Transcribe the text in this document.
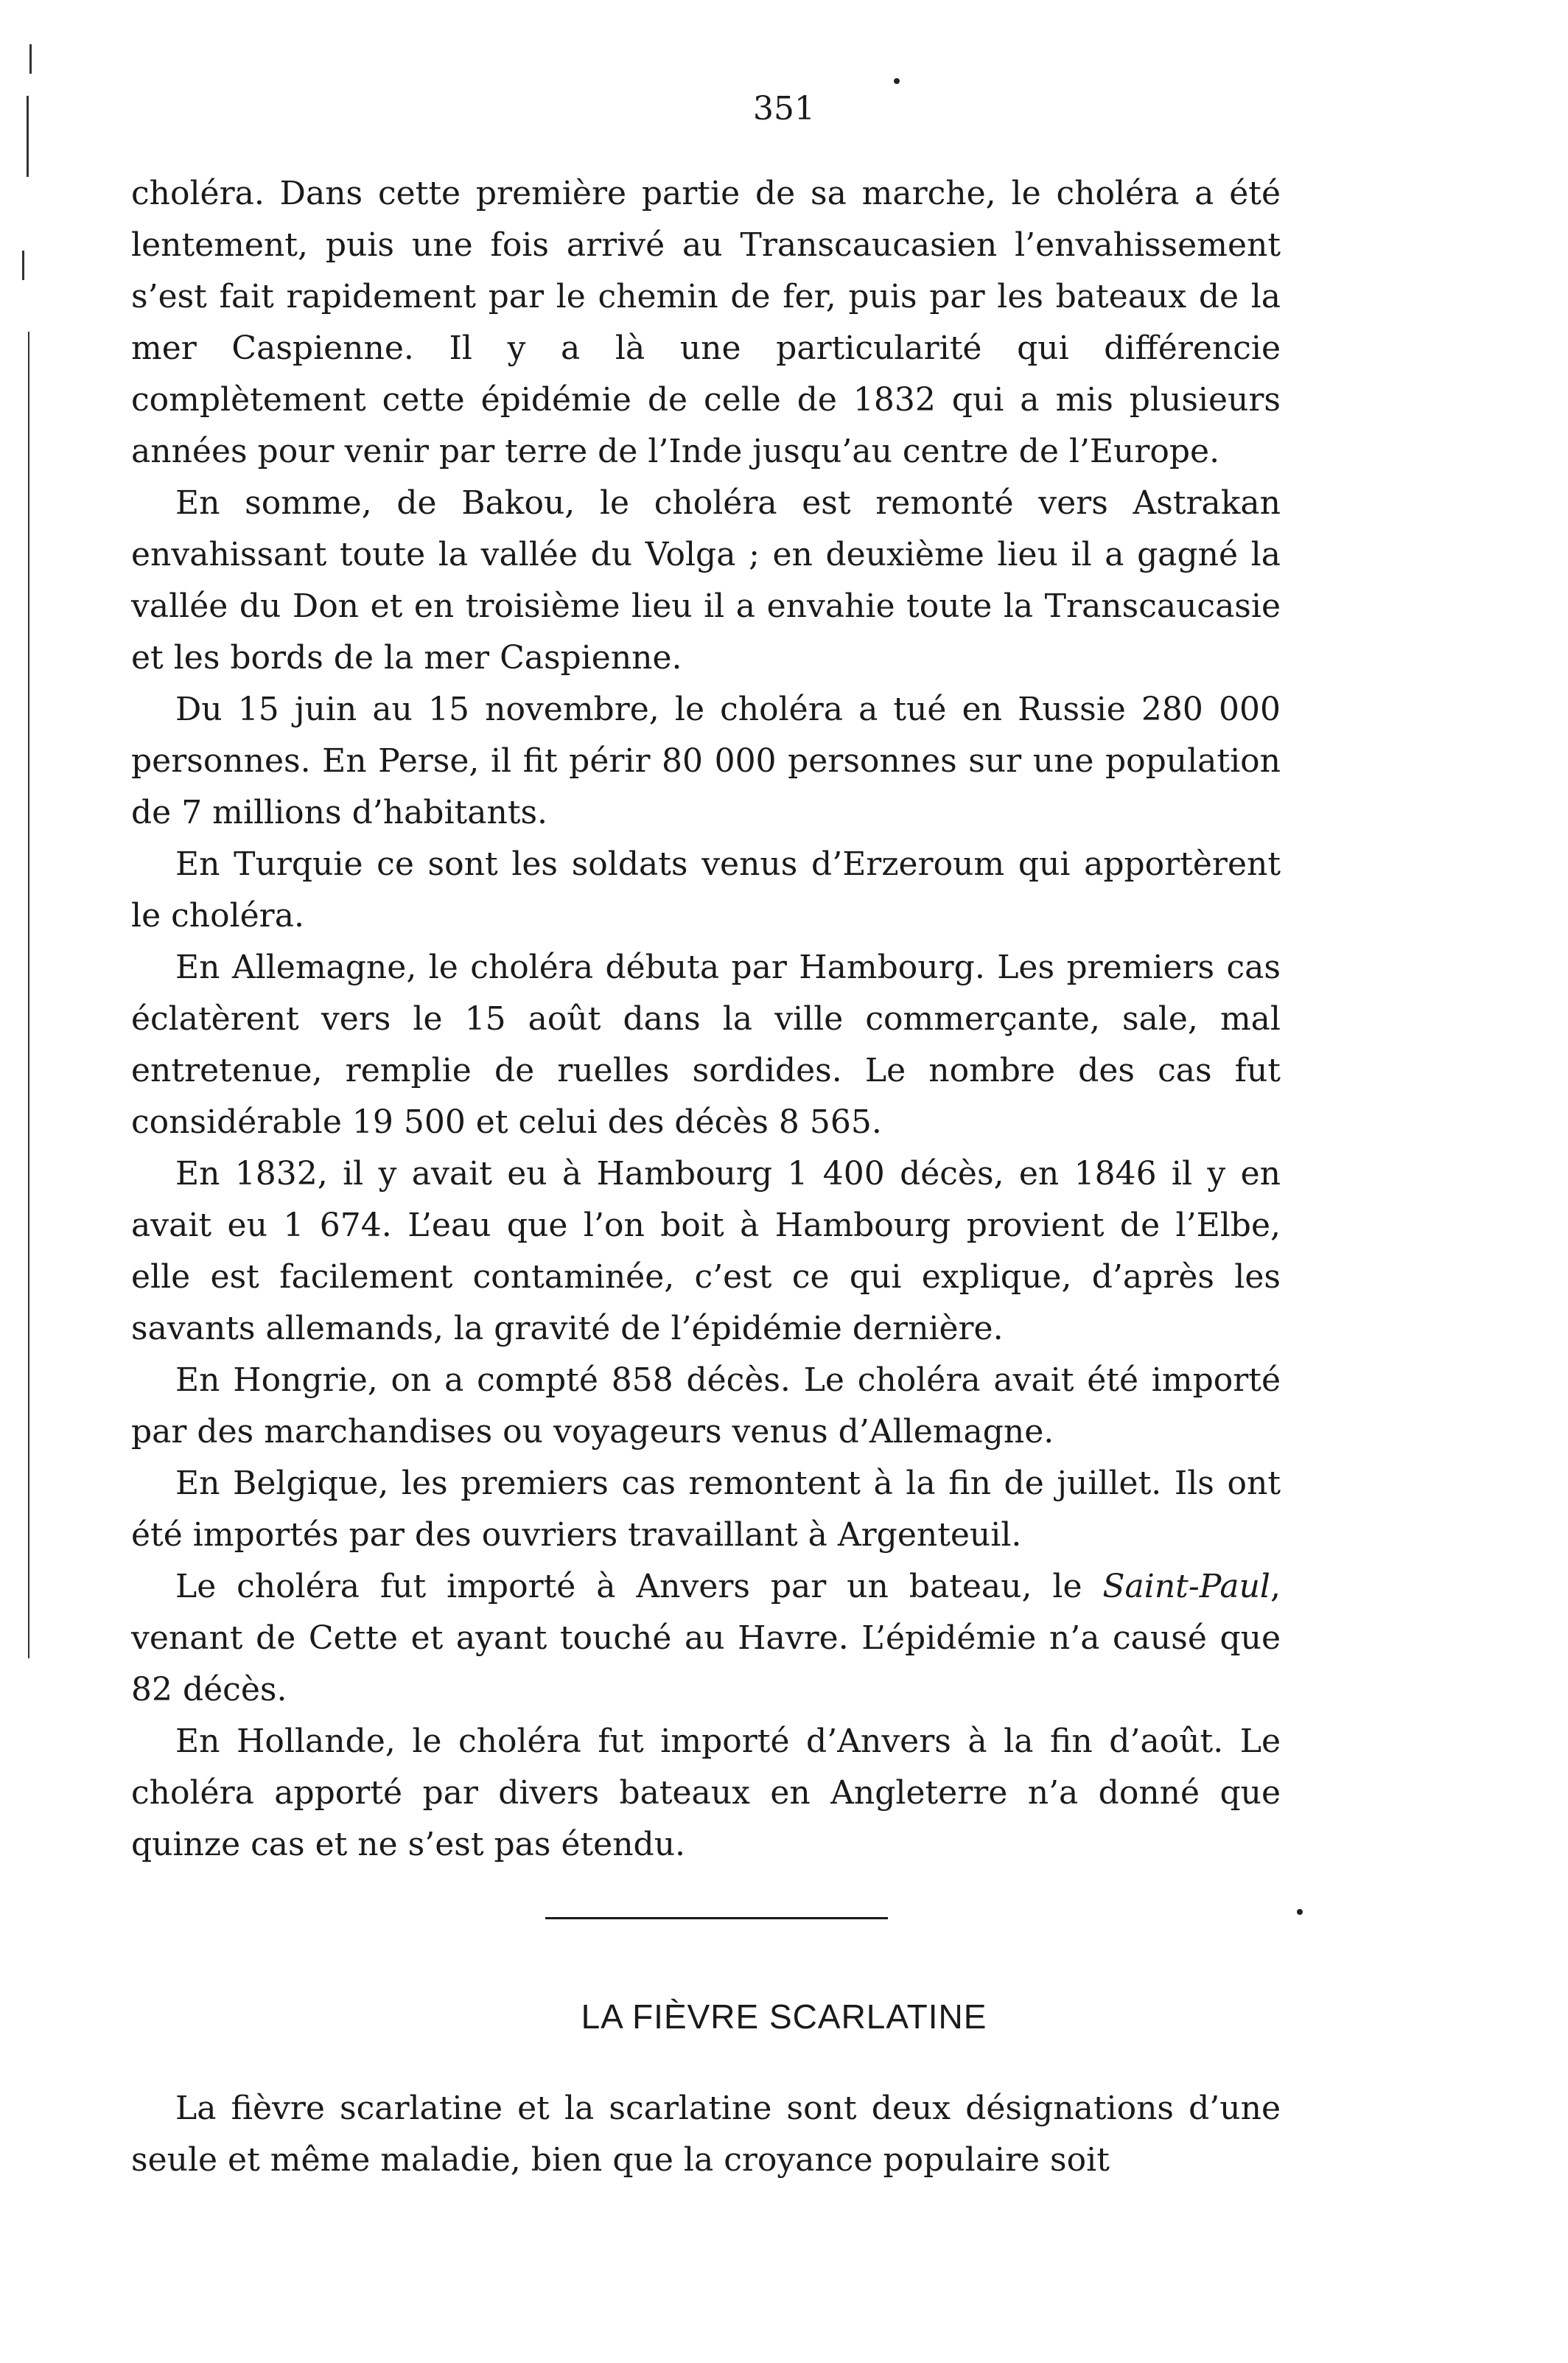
351

choléra. Dans cette première partie de sa marche, le choléra a été lentement, puis une fois arrivé au Transcaucasien l’envahissement s’est fait rapidement par le chemin de fer, puis par les bateaux de la mer Caspienne. Il y a là une particularité qui différencie complètement cette épidémie de celle de 1832 qui a mis plusieurs années pour venir par terre de l’Inde jusqu’au centre de l’Europe.

En somme, de Bakou, le choléra est remonté vers Astrakan envahissant toute la vallée du Volga ; en deuxième lieu il a gagné la vallée du Don et en troisième lieu il a envahie toute la Transcaucasie et les bords de la mer Caspienne.

Du 15 juin au 15 novembre, le choléra a tué en Russie 280 000 personnes. En Perse, il fit périr 80 000 personnes sur une population de 7 millions d’habitants.

En Turquie ce sont les soldats venus d’Erzeroum qui apportèrent le choléra.

En Allemagne, le choléra débuta par Hambourg. Les premiers cas éclatèrent vers le 15 août dans la ville commerçante, sale, mal entretenue, remplie de ruelles sordides. Le nombre des cas fut considérable 19 500 et celui des décès 8 565.

En 1832, il y avait eu à Hambourg 1 400 décès, en 1846 il y en avait eu 1 674. L’eau que l’on boit à Hambourg provient de l’Elbe, elle est facilement contaminée, c’est ce qui explique, d’après les savants allemands, la gravité de l’épidémie dernière.

En Hongrie, on a compté 858 décès. Le choléra avait été importé par des marchandises ou voyageurs venus d’Allemagne.

En Belgique, les premiers cas remontent à la fin de juillet. Ils ont été importés par des ouvriers travaillant à Argenteuil.

Le choléra fut importé à Anvers par un bateau, le Saint-Paul, venant de Cette et ayant touché au Havre. L’épidémie n’a causé que 82 décès.

En Hollande, le choléra fut importé d’Anvers à la fin d’août. Le choléra apporté par divers bateaux en Angleterre n’a donné que quinze cas et ne s’est pas étendu.

LA FIÈVRE SCARLATINE

La fièvre scarlatine et la scarlatine sont deux désignations d’une seule et même maladie, bien que la croyance populaire soit
